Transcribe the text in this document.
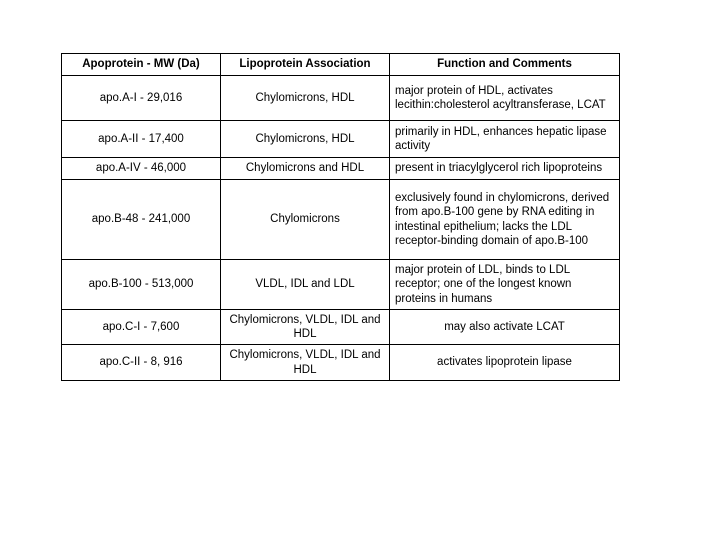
Apoprotein - MW (Da)	Lipoprotein Association	Function and Comments
apo.A-I - 29,016	Chylomicrons, HDL	major protein of HDL, activates lecithin:cholesterol acyltransferase, LCAT
apo.A-II - 17,400	Chylomicrons, HDL	primarily in HDL, enhances hepatic lipase activity
apo.A-IV - 46,000	Chylomicrons and HDL	present in triacylglycerol rich lipoproteins
apo.B-48 - 241,000	Chylomicrons	exclusively found in chylomicrons, derived from apo.B-100 gene by RNA editing in intestinal epithelium; lacks the LDL receptor-binding domain of apo.B-100
apo.B-100 - 513,000	VLDL, IDL and LDL	major protein of LDL, binds to LDL receptor; one of the longest known proteins in humans
apo.C-I - 7,600	Chylomicrons, VLDL, IDL and HDL	may also activate LCAT
apo.C-II - 8, 916	Chylomicrons, VLDL, IDL and HDL	activates lipoprotein lipase
